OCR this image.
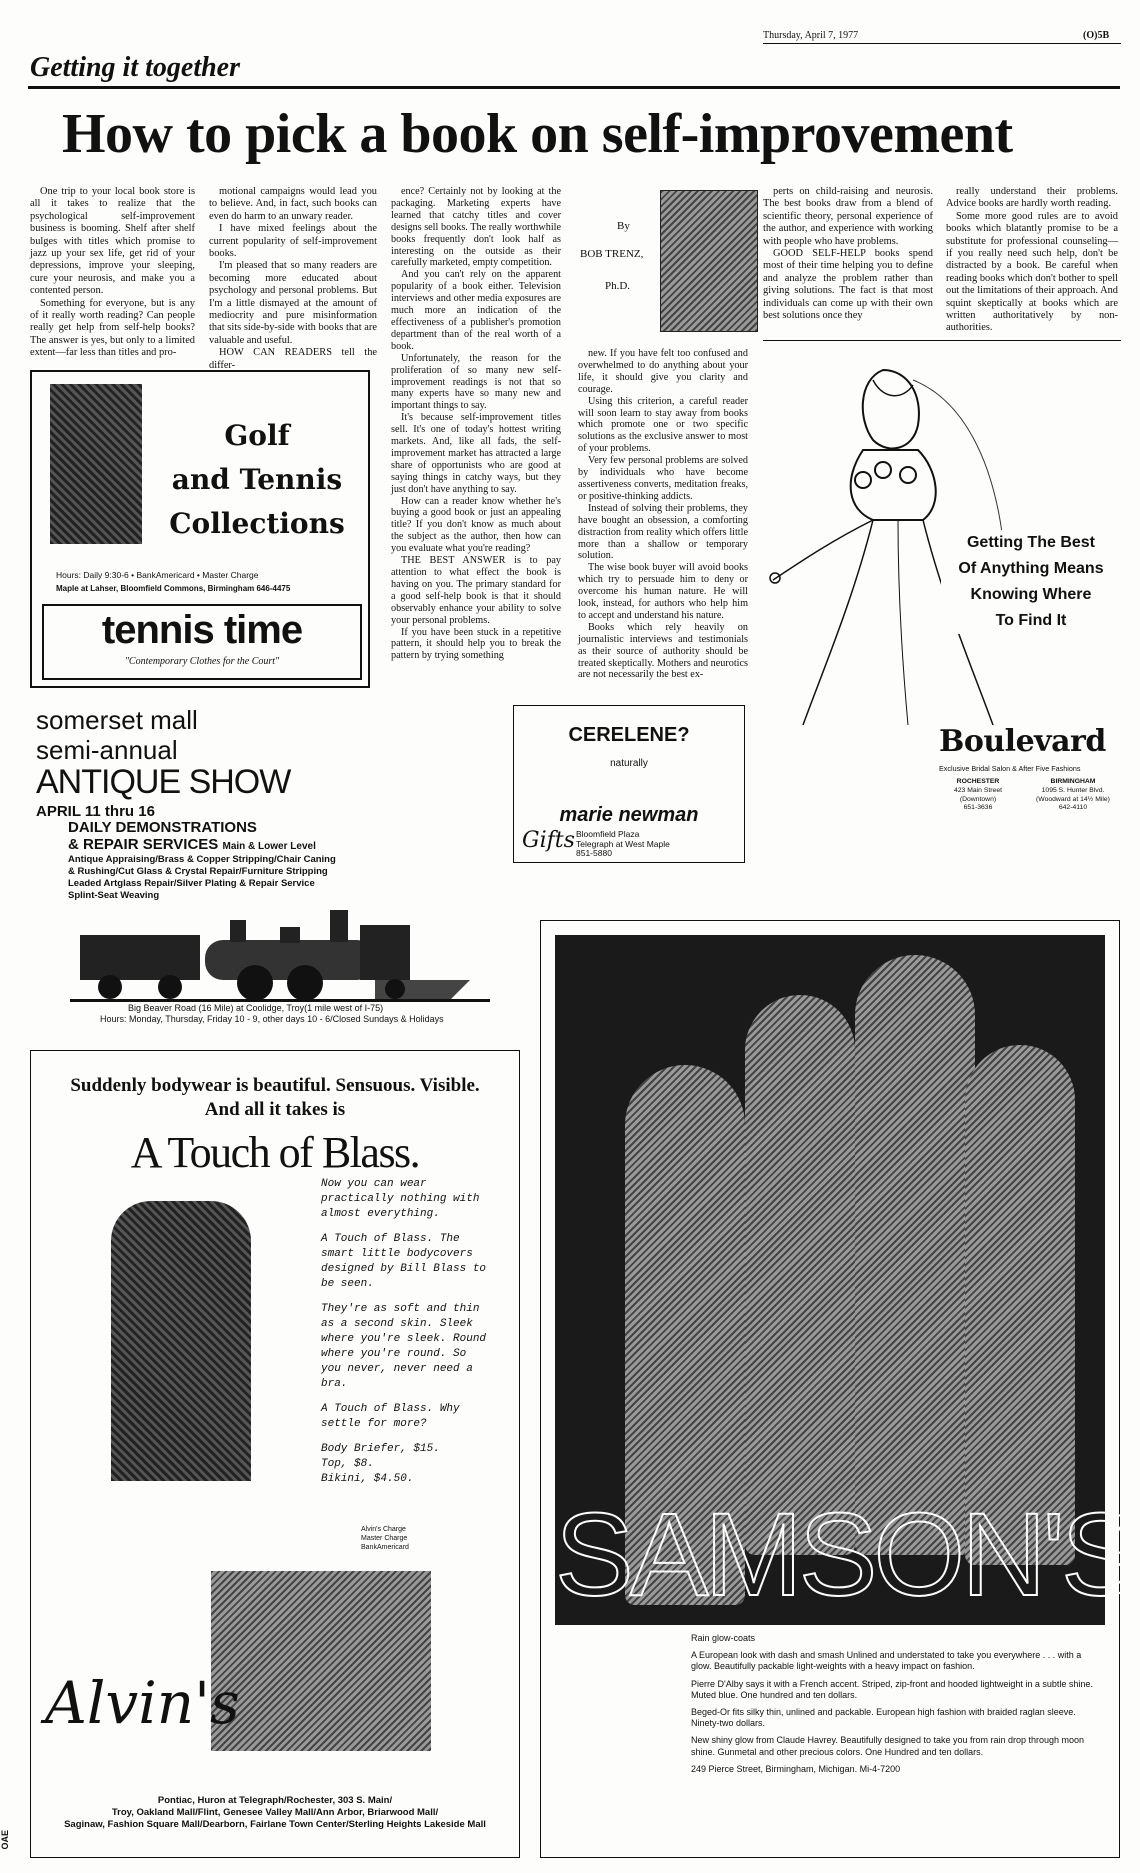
Thursday, April 7, 1977	(O)5B
Getting it together
How to pick a book on self-improvement

One trip to your local book store is all it takes to realize that the psychological self-improvement business is booming. Shelf after shelf bulges with titles which promise to jazz up your sex life, get rid of your depressions, improve your sleeping, cure your neurosis, and make you a contented person.

Something for everyone, but is any of it really worth reading? Can people really get help from self-help books? The answer is yes, but only to a limited extent—far less than titles and pro-

motional campaigns would lead you to believe. And, in fact, such books can even do harm to an unwary reader.

I have mixed feelings about the current popularity of self-improvement books.

I'm pleased that so many readers are becoming more educated about psychology and personal problems. But I'm a little dismayed at the amount of mediocrity and pure misinformation that sits side-by-side with books that are valuable and useful.

HOW CAN READERS tell the differ-

ence? Certainly not by looking at the packaging. Marketing experts have learned that catchy titles and cover designs sell books. The really worthwhile books frequently don't look half as interesting on the outside as their carefully marketed, empty competition.

And you can't rely on the apparent popularity of a book either. Television interviews and other media exposures are much more an indication of the effectiveness of a publisher's promotion department than of the real worth of a book.

Unfortunately, the reason for the proliferation of so many new self-improvement readings is not that so many experts have so many new and important things to say.

It's because self-improvement titles sell. It's one of today's hottest writing markets. And, like all fads, the self-improvement market has attracted a large share of opportunists who are good at saying things in catchy ways, but they just don't have anything to say.

How can a reader know whether he's buying a good book or just an appealing title? If you don't know as much about the subject as the author, then how can you evaluate what you're reading?

THE BEST ANSWER is to pay attention to what effect the book is having on you. The primary standard for a good self-help book is that it should observably enhance your ability to solve your personal problems.

If you have been stuck in a repetitive pattern, it should help you to break the pattern by trying something

By
BOB TRENZ,
Ph.D.

new. If you have felt too confused and overwhelmed to do anything about your life, it should give you clarity and courage.

Using this criterion, a careful reader will soon learn to stay away from books which promote one or two specific solutions as the exclusive answer to most of your problems.

Very few personal problems are solved by individuals who have become assertiveness converts, meditation freaks, or positive-thinking addicts.

Instead of solving their problems, they have bought an obsession, a comforting distraction from reality which offers little more than a shallow or temporary solution.

The wise book buyer will avoid books which try to persuade him to deny or overcome his human nature. He will look, instead, for authors who help him to accept and understand his nature.

Books which rely heavily on journalistic interviews and testimonials as their source of authority should be treated skeptically. Mothers and neurotics are not necessarily the best ex-

perts on child-raising and neurosis. The best books draw from a blend of scientific theory, personal experience of the author, and experience with working with people who have problems.

GOOD SELF-HELP books spend most of their time helping you to define and analyze the problem rather than giving solutions. The fact is that most individuals can come up with their own best solutions once they

really understand their problems. Advice books are hardly worth reading.

Some more good rules are to avoid books which blatantly promise to be a substitute for professional counseling—if you really need such help, don't be distracted by a book. Be careful when reading books which don't bother to spell out the limitations of their approach. And squint skeptically at books which are written authoritatively by non-authorities.

Golf
and Tennis
Collections
Hours: Daily 9:30-6 • BankAmericard • Master Charge
Maple at Lahser, Bloomfield Commons, Birmingham 646-4475
tennis time
"Contemporary Clothes for the Court"
somerset mall
semi-annual
ANTIQUE SHOW
APRIL 11 thru 16
DAILY DEMONSTRATIONS
& REPAIR SERVICES Main & Lower Level
Antique Appraising/Brass & Copper Stripping/Chair Caning
& Rushing/Cut Glass & Crystal Repair/Furniture Stripping
Leaded Artglass Repair/Silver Plating & Repair Service
Splint-Seat Weaving
Big Beaver Road (16 Mile) at Coolidge, Troy(1 mile west of I-75)
Hours: Monday, Thursday, Friday 10 - 9, other days 10 - 6/Closed Sundays & Holidays
CERELENE?
naturally
marie newman
Gifts Bloomfield Plaza
Telegraph at West Maple
851-5880
Getting The Best
Of Anything Means
Knowing Where
To Find It
Boulevard
Exclusive Bridal Salon & After Five Fashions
ROCHESTER
423 Main Street
(Downtown)
651-3636
BIRMINGHAM
1095 S. Hunter Blvd.
(Woodward at 14½ Mile)
642-4110
Suddenly bodywear is beautiful. Sensuous. Visible.
And all it takes is
A Touch of Blass.
Now you can wear practically nothing with almost everything.
A Touch of Blass. The smart little bodycovers designed by Bill Blass to be seen.
They're as soft and thin as a second skin. Sleek where you're sleek. Round where you're round. So you never, never need a bra.
A Touch of Blass. Why settle for more?
Body Briefer, $15.
Top, $8.
Bikini, $4.50.
Alvin's Charge
Master Charge
BankAmericard
Alvin's
Pontiac, Huron at Telegraph/Rochester, 303 S. Main/
Troy, Oakland Mall/Flint, Genesee Valley Mall/Ann Arbor, Briarwood Mall/
Saginaw, Fashion Square Mall/Dearborn, Fairlane Town Center/Sterling Heights Lakeside Mall
SAMSON'S
Rain glow-coats
A European look with dash and smash Unlined and understated to take you everywhere . . . with a glow. Beautifully packable light-weights with a heavy impact on fashion.
Pierre D'Alby says it with a French accent. Striped, zip-front and hooded lightweight in a subtle shine. Muted blue. One hundred and ten dollars.
Beged-Or fits silky thin, unlined and packable. European high fashion with braided raglan sleeve. Ninety-two dollars.
New shiny glow from Claude Havrey. Beautifully designed to take you from rain drop through moon shine. Gunmetal and other precious colors. One Hundred and ten dollars.
249 Pierce Street, Birmingham, Michigan. Mi-4-7200
OAE
